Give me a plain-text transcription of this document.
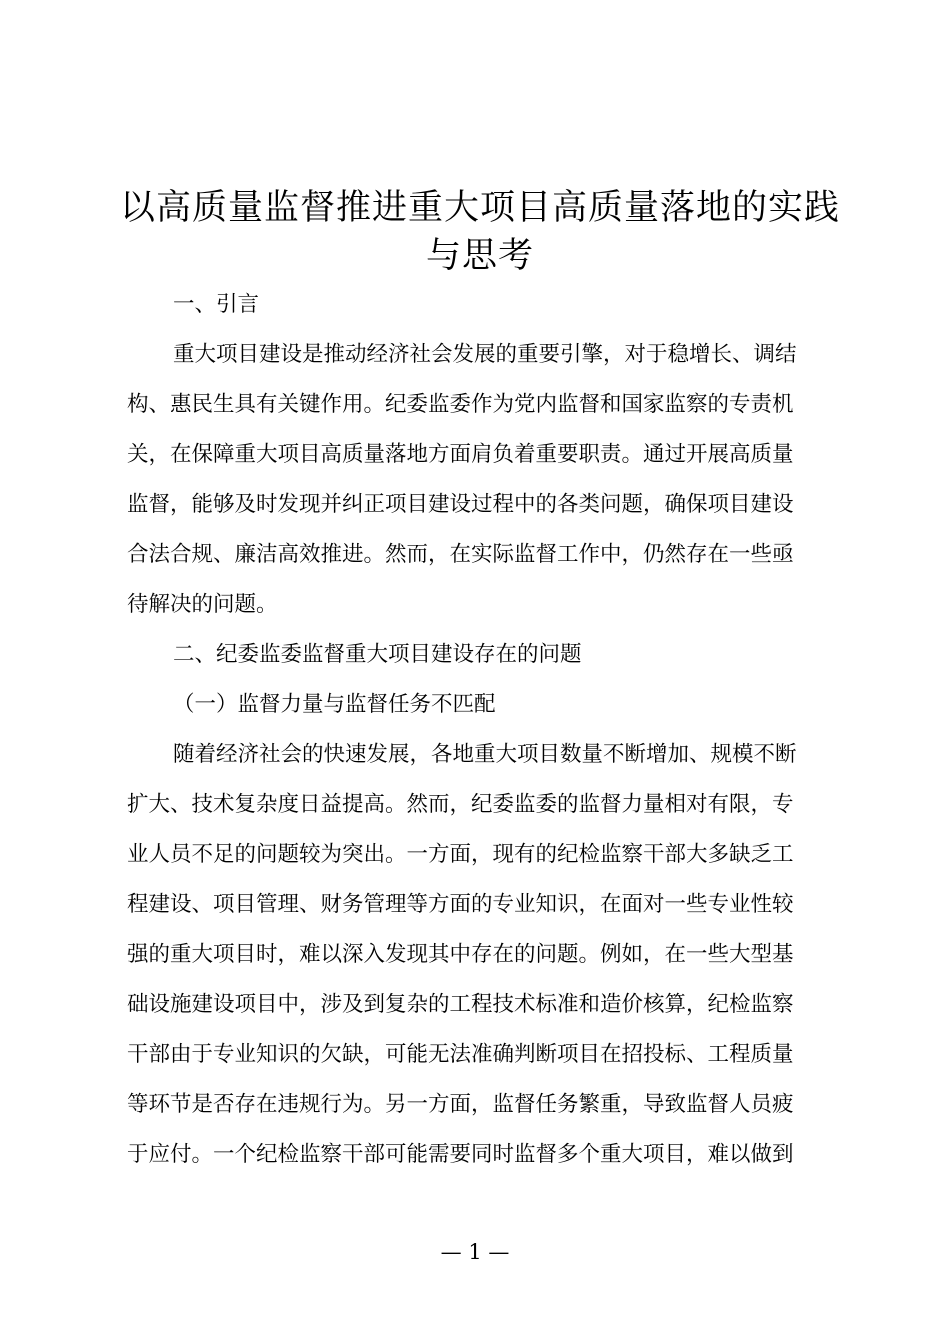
以高质量监督推进重大项目高质量落地的实践
与思考
一、引言
重大项目建设是推动经济社会发展的重要引擎，对于稳增长、调结
构、惠民生具有关键作用。纪委监委作为党内监督和国家监察的专责机
关，在保障重大项目高质量落地方面肩负着重要职责。通过开展高质量
监督，能够及时发现并纠正项目建设过程中的各类问题，确保项目建设
合法合规、廉洁高效推进。然而，在实际监督工作中，仍然存在一些亟
待解决的问题。
二、纪委监委监督重大项目建设存在的问题
（一）监督力量与监督任务不匹配
随着经济社会的快速发展，各地重大项目数量不断增加、规模不断
扩大、技术复杂度日益提高。然而，纪委监委的监督力量相对有限，专
业人员不足的问题较为突出。一方面，现有的纪检监察干部大多缺乏工
程建设、项目管理、财务管理等方面的专业知识，在面对一些专业性较
强的重大项目时，难以深入发现其中存在的问题。例如，在一些大型基
础设施建设项目中，涉及到复杂的工程技术标准和造价核算，纪检监察
干部由于专业知识的欠缺，可能无法准确判断项目在招投标、工程质量
等环节是否存在违规行为。另一方面，监督任务繁重，导致监督人员疲
于应付。一个纪检监察干部可能需要同时监督多个重大项目，难以做到
— 1 —
